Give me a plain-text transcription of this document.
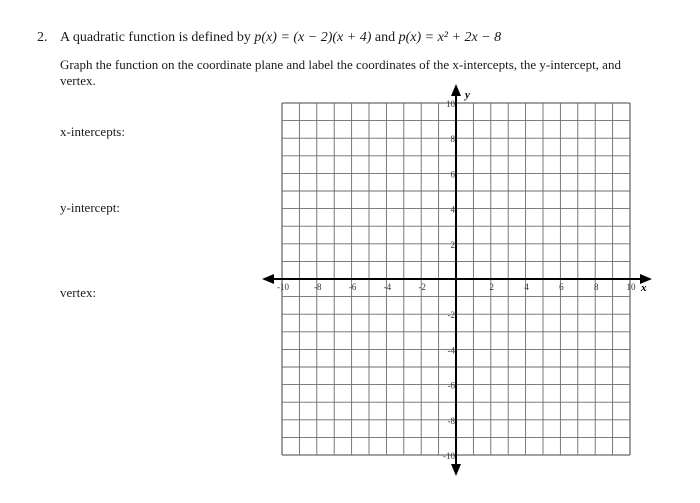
2. A quadratic function is defined by p(x) = (x − 2)(x + 4) and p(x) = x² + 2x − 8
Graph the function on the coordinate plane and label the coordinates of the x-intercepts, the y-intercept, and vertex.
x-intercepts:
y-intercept:
vertex:	-10	-8	-6	-4	-2	2	4	6	8	10
10
8
6
4
2
-2
-4
-6
-8
-10
x
y
